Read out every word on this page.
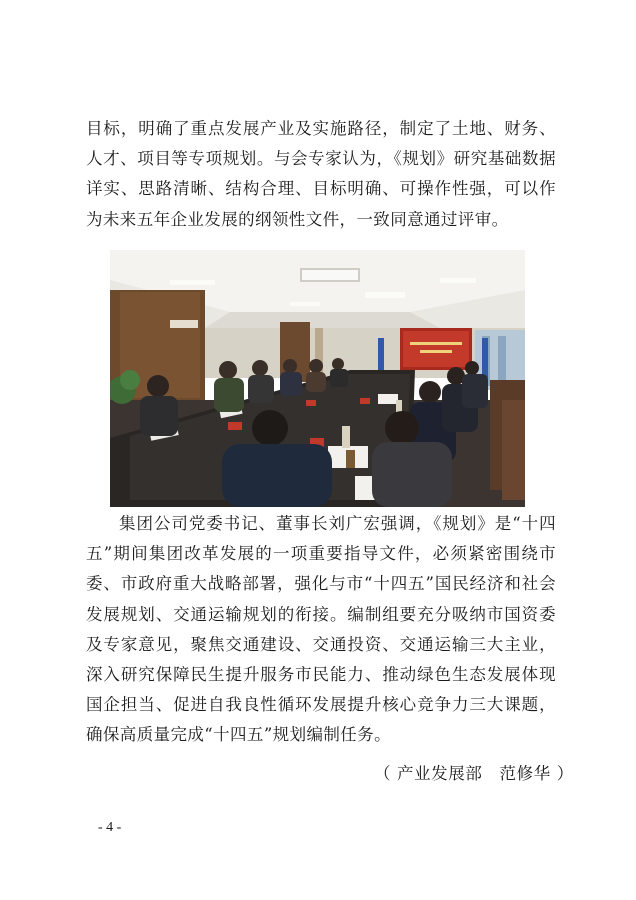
目标，明确了重点发展产业及实施路径，制定了土地、财务、人才、项目等专项规划。与会专家认为，《规划》研究基础数据详实、思路清晰、结构合理、目标明确、可操作性强，可以作为未来五年企业发展的纲领性文件，一致同意通过评审。

集团公司党委书记、董事长刘广宏强调，《规划》是“十四五”期间集团改革发展的一项重要指导文件，必须紧密围绕市委、市政府重大战略部署，强化与市“十四五”国民经济和社会发展规划、交通运输规划的衔接。编制组要充分吸纳市国资委及专家意见，聚焦交通建设、交通投资、交通运输三大主业，深入研究保障民生提升服务市民能力、推动绿色生态发展体现国企担当、促进自我良性循环发展提升核心竞争力三大课题，确保高质量完成“十四五”规划编制任务。

（ 产业发展部　范修华 ）
- 4 -
